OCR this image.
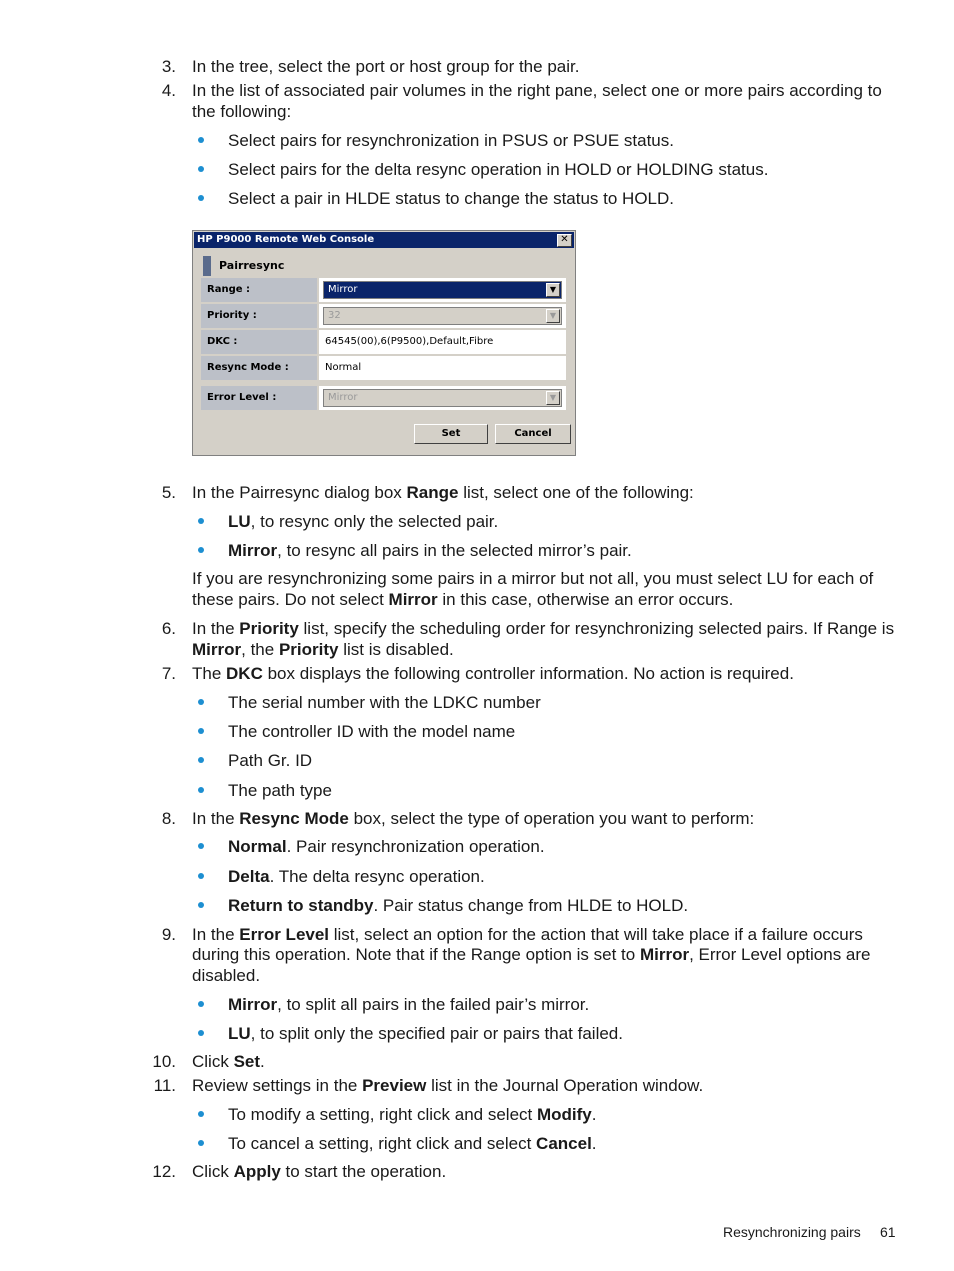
3. In the tree, select the port or host group for the pair.
4. In the list of associated pair volumes in the right pane, select one or more pairs according to
the following:
Select pairs for resynchronization in PSUS or PSUE status.
Select pairs for the delta resync operation in HOLD or HOLDING status.
Select a pair in HLDE status to change the status to HOLD.
HP P9000 Remote Web Console	✕
Pairresync
Range :	Mirror	▼
Priority :	32	▼
DKC :	64545(00),6(P9500),Default,Fibre
Resync Mode :	Normal
Error Level :	Mirror	▼
Set	Cancel
5. In the Pairresync dialog box Range list, select one of the following:
LU, to resync only the selected pair.
Mirror, to resync all pairs in the selected mirror’s pair.
If you are resynchronizing some pairs in a mirror but not all, you must select LU for each of
these pairs. Do not select Mirror in this case, otherwise an error occurs.
6. In the Priority list, specify the scheduling order for resynchronizing selected pairs. If Range is
Mirror, the Priority list is disabled.
7. The DKC box displays the following controller information. No action is required.
The serial number with the LDKC number
The controller ID with the model name
Path Gr. ID
The path type
8. In the Resync Mode box, select the type of operation you want to perform:
Normal. Pair resynchronization operation.
Delta. The delta resync operation.
Return to standby. Pair status change from HLDE to HOLD.
9. In the Error Level list, select an option for the action that will take place if a failure occurs
during this operation. Note that if the Range option is set to Mirror, Error Level options are
disabled.
Mirror, to split all pairs in the failed pair’s mirror.
LU, to split only the specified pair or pairs that failed.
10. Click Set.
11. Review settings in the Preview list in the Journal Operation window.
To modify a setting, right click and select Modify.
To cancel a setting, right click and select Cancel.
12. Click Apply to start the operation.
Resynchronizing pairs 61
